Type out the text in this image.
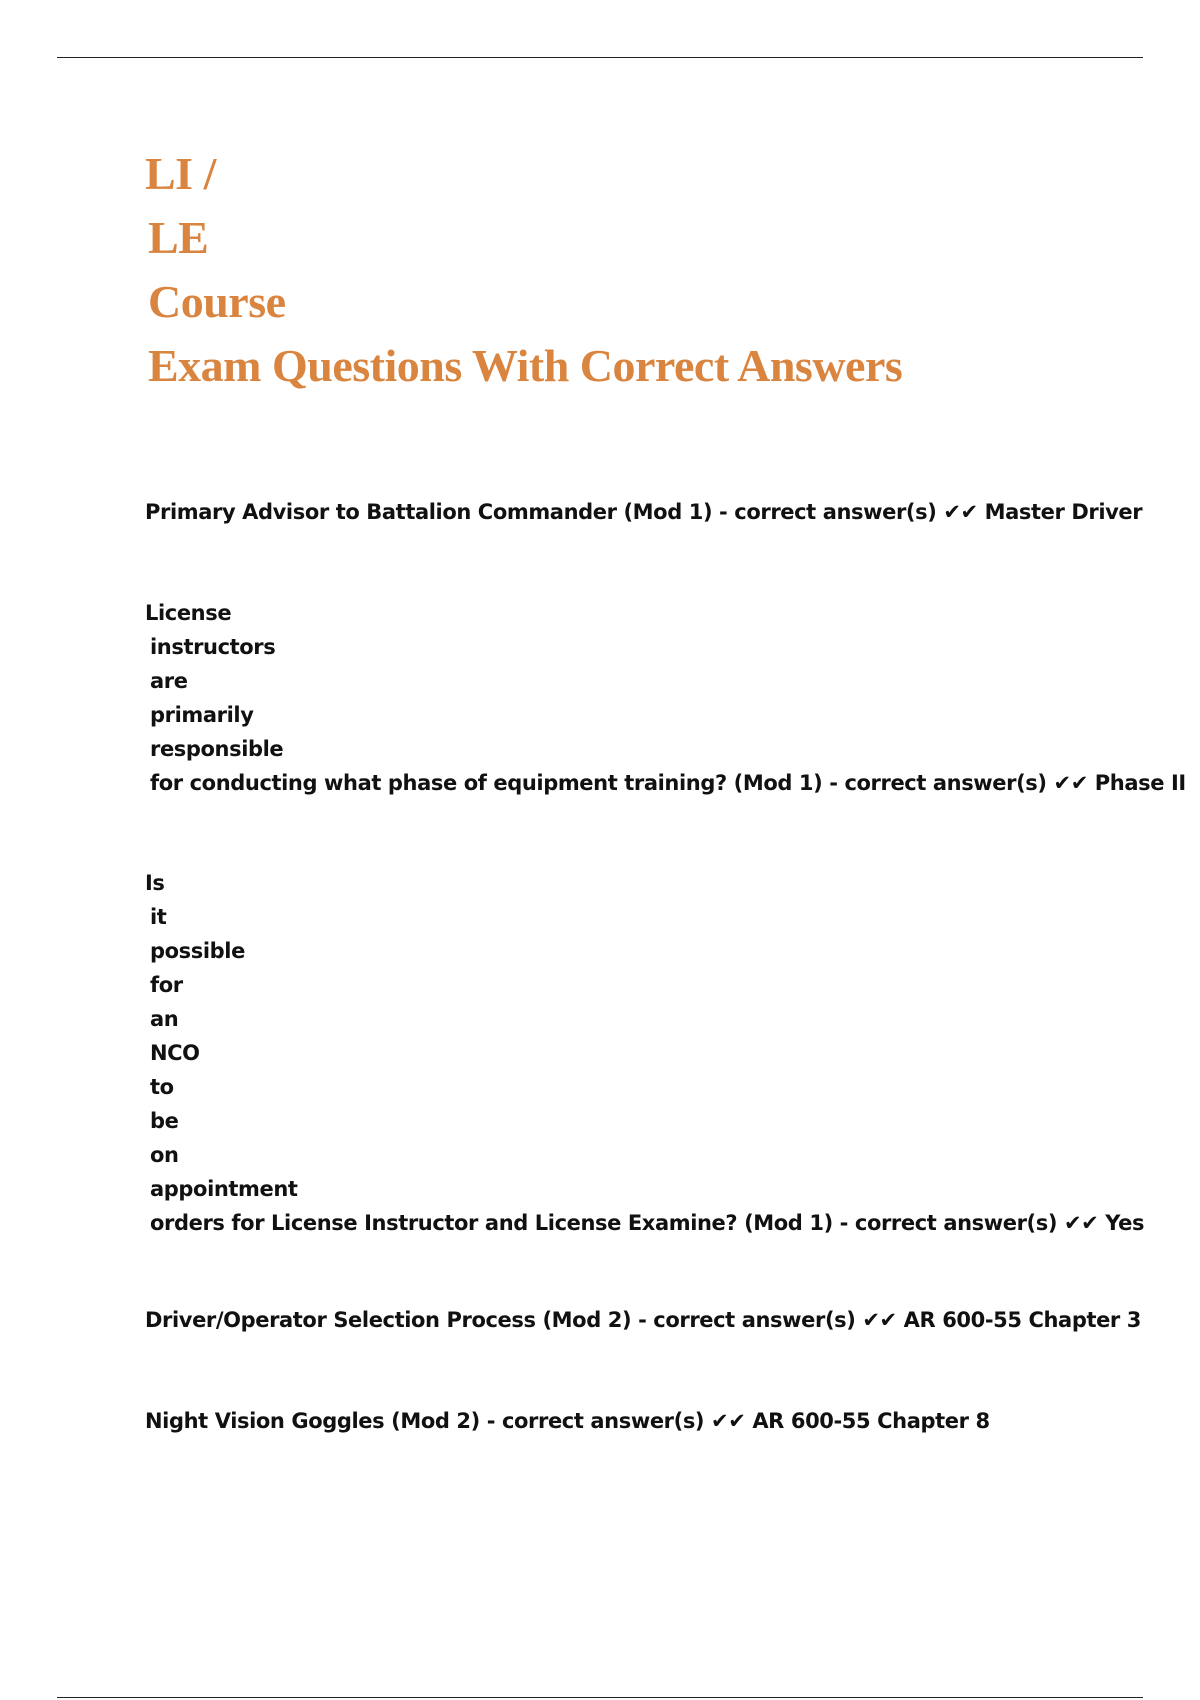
LI /
LE
Course
Exam Questions With Correct Answers
Primary Advisor to Battalion Commander (Mod 1) - correct answer(s) ✔✔ Master Driver
License
instructors
are
primarily
responsible
for conducting what phase of equipment training? (Mod 1) - correct answer(s) ✔✔ Phase II
Is
it
possible
for
an
NCO
to
be
on
appointment
orders for License Instructor and License Examine? (Mod 1) - correct answer(s) ✔✔ Yes
Driver/Operator Selection Process (Mod 2) - correct answer(s) ✔✔ AR 600-55 Chapter 3
Night Vision Goggles (Mod 2) - correct answer(s) ✔✔ AR 600-55 Chapter 8
